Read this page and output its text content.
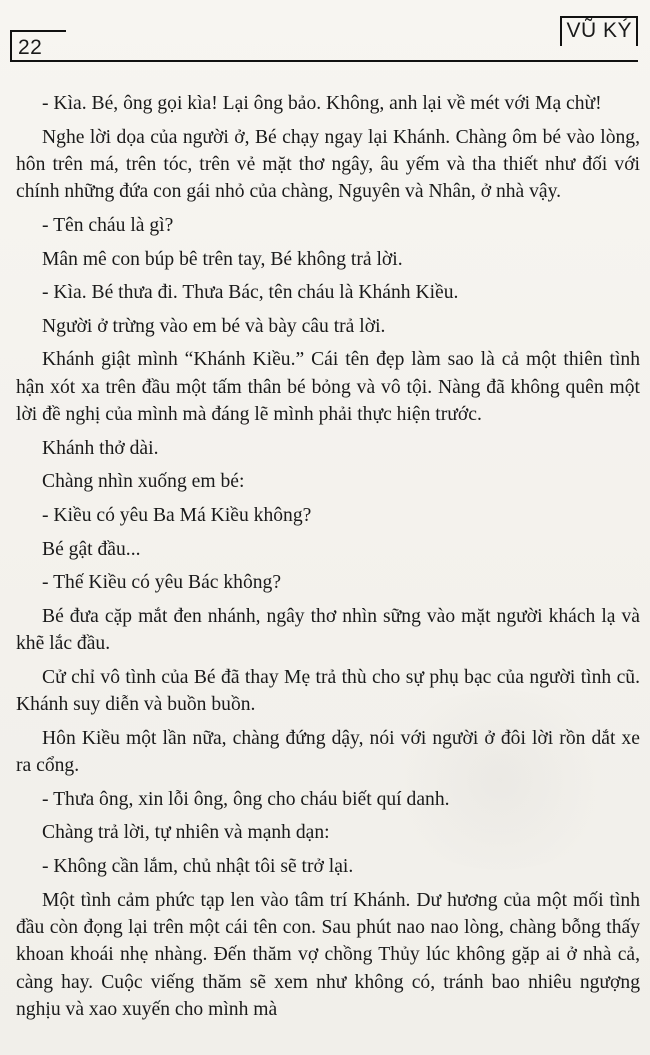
22
VŨ KÝ

- Kìa. Bé, ông gọi kìa! Lại ông bảo. Không, anh lại về mét với Mạ chừ!

Nghe lời dọa của người ở, Bé chạy ngay lại Khánh. Chàng ôm bé vào lòng, hôn trên má, trên tóc, trên vẻ mặt thơ ngây, âu yếm và tha thiết như đối với chính những đứa con gái nhỏ của chàng, Nguyên và Nhân, ở nhà vậy.

- Tên cháu là gì?

Mân mê con búp bê trên tay, Bé không trả lời.

- Kìa. Bé thưa đi. Thưa Bác, tên cháu là Khánh Kiều.

Người ở trừng vào em bé và bày câu trả lời.

Khánh giật mình “Khánh Kiều.” Cái tên đẹp làm sao là cả một thiên tình hận xót xa trên đầu một tấm thân bé bỏng và vô tội. Nàng đã không quên một lời đề nghị của mình mà đáng lẽ mình phải thực hiện trước.

Khánh thở dài.

Chàng nhìn xuống em bé:

- Kiều có yêu Ba Má Kiều không?

Bé gật đầu...

- Thế Kiều có yêu Bác không?

Bé đưa cặp mắt đen nhánh, ngây thơ nhìn sững vào mặt người khách lạ và khẽ lắc đầu.

Cử chỉ vô tình của Bé đã thay Mẹ trả thù cho sự phụ bạc của người tình cũ. Khánh suy diễn và buồn buồn.

Hôn Kiều một lần nữa, chàng đứng dậy, nói với người ở đôi lời rồn dắt xe ra cổng.

- Thưa ông, xin lỗi ông, ông cho cháu biết quí danh.

Chàng trả lời, tự nhiên và mạnh dạn:

- Không cần lắm, chủ nhật tôi sẽ trở lại.

Một tình cảm phức tạp len vào tâm trí Khánh. Dư hương của một mối tình đầu còn đọng lại trên một cái tên con. Sau phút nao nao lòng, chàng bỗng thấy khoan khoái nhẹ nhàng. Đến thăm vợ chồng Thủy lúc không gặp ai ở nhà cả, càng hay. Cuộc viếng thăm sẽ xem như không có, tránh bao nhiêu ngượng nghịu và xao xuyến cho mình mà
